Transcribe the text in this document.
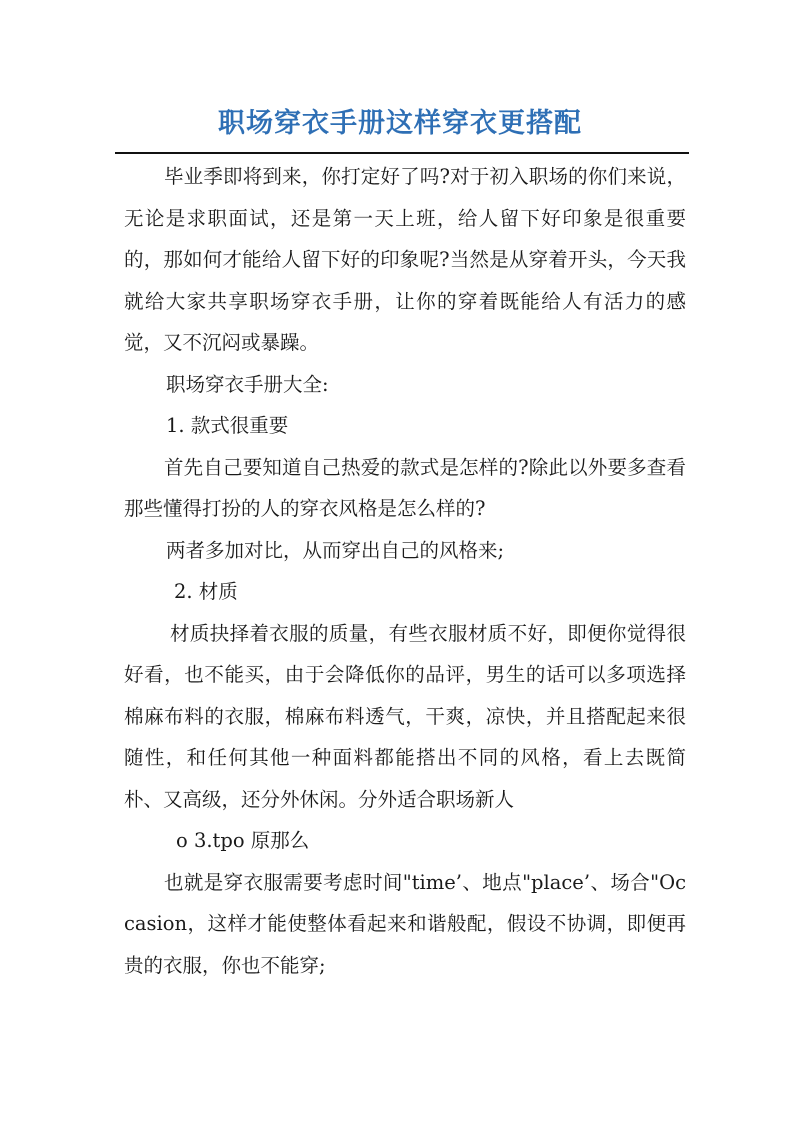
职场穿衣手册这样穿衣更搭配

毕业季即将到来，你打定好了吗?对于初入职场的你们来说，无论是求职面试，还是第一天上班，给人留下好印象是很重要的，那如何才能给人留下好的印象呢?当然是从穿着开头，今天我就给大家共享职场穿衣手册，让你的穿着既能给人有活力的感觉，又不沉闷或暴躁。

职场穿衣手册大全:

1. 款式很重要

首先自己要知道自己热爱的款式是怎样的?除此以外要多查看那些懂得打扮的人的穿衣风格是怎么样的?

两者多加对比，从而穿出自己的风格来;

2. 材质

材质抉择着衣服的质量，有些衣服材质不好，即便你觉得很好看，也不能买，由于会降低你的品评，男生的话可以多项选择棉麻布料的衣服，棉麻布料透气，干爽，凉快，并且搭配起来很随性，和任何其他一种面料都能搭出不同的风格，看上去既简朴、又高级，还分外休闲。分外适合职场新人

o 3.tpo 原那么

也就是穿衣服需要考虑时间"time’、地点"place’、场合"Occasion，这样才能使整体看起来和谐般配，假设不协调，即便再贵的衣服，你也不能穿;
